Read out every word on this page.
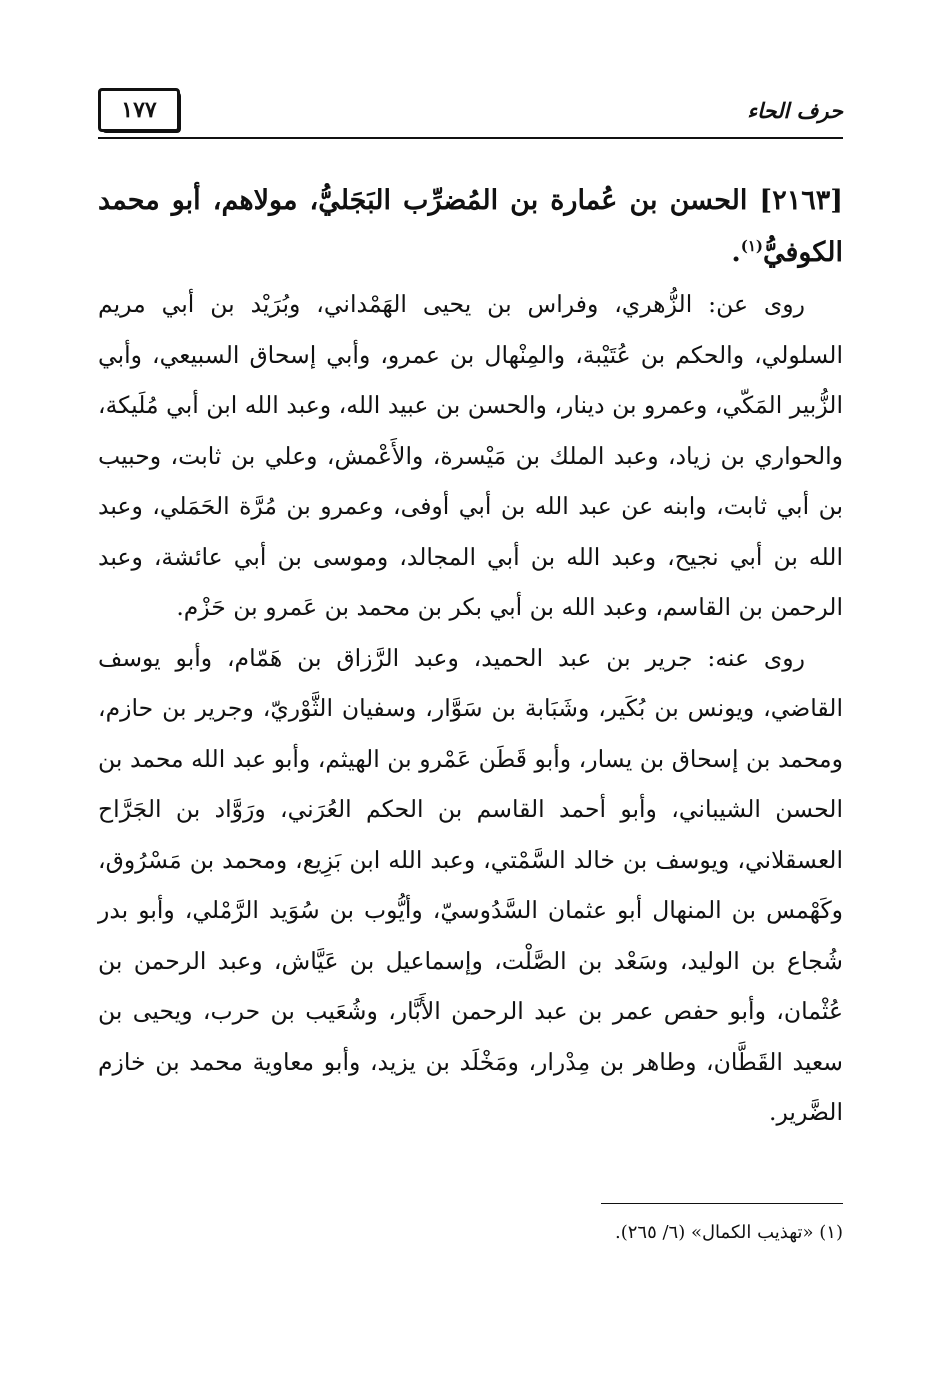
١٧٧	حرف الحاء

[٢١٦٣] الحسن بن عُمارة بن المُضرِّب البَجَليُّ، مولاهم، أبو محمد الكوفيُّ$^{(١)}$.

روى عن: الزُّهري، وفراس بن يحيى الهَمْداني، وبُرَيْد بن أبي مريم السلولي، والحكم بن عُتَيْبة، والمِنْهال بن عمرو، وأبي إسحاق السبيعي، وأبي الزُّبير المَكّي، وعمرو بن دينار، والحسن بن عبيد الله، وعبد الله ابن أبي مُلَيكة، والحواري بن زياد، وعبد الملك بن مَيْسرة، والأَعْمش، وعلي بن ثابت، وحبيب بن أبي ثابت، وابنه عن عبد الله بن أبي أوفى، وعمرو بن مُرَّة الحَمَلي، وعبد الله بن أبي نجيح، وعبد الله بن أبي المجالد، وموسى بن أبي عائشة، وعبد الرحمن بن القاسم، وعبد الله بن أبي بكر بن محمد بن عَمرو بن حَزْم.

روى عنه: جرير بن عبد الحميد، وعبد الرَّزاق بن هَمّام، وأبو يوسف القاضي، ويونس بن بُكَير، وشَبَابة بن سَوَّار، وسفيان الثَّوْريّ، وجرير بن حازم، ومحمد بن إسحاق بن يسار، وأبو قَطَن عَمْرو بن الهيثم، وأبو عبد الله محمد بن الحسن الشيباني، وأبو أحمد القاسم بن الحكم العُرَني، ورَوَّاد بن الجَرَّاح العسقلاني، ويوسف بن خالد السَّمْتي، وعبد الله ابن بَزِيع، ومحمد بن مَسْرُوق، وكَهْمس بن المنهال أبو عثمان السَّدُوسيّ، وأيُّوب بن سُوَيد الرَّمْلي، وأبو بدر شُجاع بن الوليد، وسَعْد بن الصَّلْت، وإسماعيل بن عَيَّاش، وعبد الرحمن بن عُثْمان، وأبو حفص عمر بن عبد الرحمن الأَبَّار، وشُعَيب بن حرب، ويحيى بن سعيد القَطَّان، وطاهر بن مِدْرار، ومَخْلَد بن يزيد، وأبو معاوية محمد بن خازم الضَّرير.

(١) «تهذيب الكمال» (٦/ ٢٦٥).
